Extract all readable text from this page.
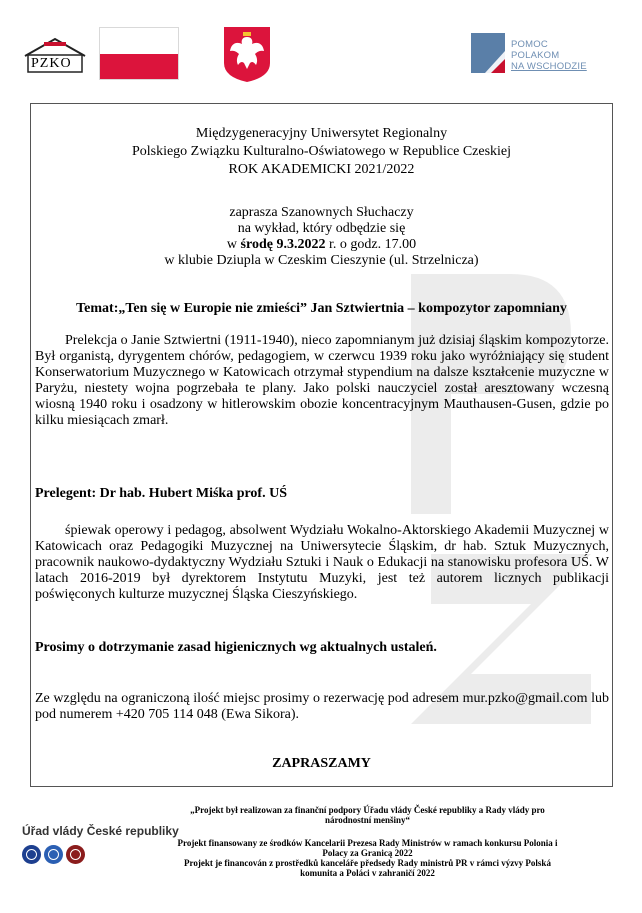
PZKO
POMOC
POLAKOM
NA WSCHODZIE
Międzygeneracyjny Uniwersytet Regionalny
Polskiego Związku Kulturalno-Oświatowego w Republice Czeskiej
ROK AKADEMICKI 2021/2022
zaprasza Szanownych Słuchaczy
na wykład, który odbędzie się
w środę 9.3.2022 r. o godz. 17.00
w klubie Dziupla w Czeskim Cieszynie (ul. Strzelnicza)
Temat:„Ten się w Europie nie zmieści” Jan Sztwiertnia – kompozytor zapomniany
Prelekcja o Janie Sztwiertni (1911-1940), nieco zapomnianym już dzisiaj śląskim kompozytorze. Był organistą, dyrygentem chórów, pedagogiem, w czerwcu 1939 roku jako wyróżniający się student Konserwatorium Muzycznego w Katowicach otrzymał stypendium na dalsze kształcenie muzyczne w Paryżu, niestety wojna pogrzebała te plany. Jako polski nauczyciel został aresztowany wczesną wiosną 1940 roku i osadzony w hitlerowskim obozie koncentracyjnym Mauthausen-Gusen, gdzie po kilku miesiącach zmarł.
Prelegent: Dr hab. Hubert Miśka prof. UŚ
śpiewak operowy i pedagog, absolwent Wydziału Wokalno-Aktorskiego Akademii Muzycznej w Katowicach oraz Pedagogiki Muzycznej na Uniwersytecie Śląskim, dr hab. Sztuk Muzycznych, pracownik naukowo-dydaktyczny Wydziału Sztuki i Nauk o Edukacji na stanowisku profesora UŚ. W latach 2016-2019 był dyrektorem Instytutu Muzyki, jest też autorem licznych publikacji poświęconych kulturze muzycznej Śląska Cieszyńskiego.
Prosimy o dotrzymanie zasad higienicznych wg aktualnych ustaleń.
Ze względu na ograniczoną ilość miejsc prosimy o rezerwację pod adresem mur.pzko@gmail.com lub pod numerem +420 705 114 048 (Ewa Sikora).
ZAPRASZAMY
Úřad vlády České republiky

„Projekt był realizowan za finanční podpory Úřadu vlády České republiky a Rady vlády pro národnostní menšiny“

Projekt finansowany ze środków Kancelarii Prezesa Rady Ministrów w ramach konkursu Polonia i Polacy za Granicą 2022

Projekt je financován z prostředků kanceláře předsedy Rady ministrů PR v rámci výzvy Polská komunita a Poláci v zahraničí 2022
